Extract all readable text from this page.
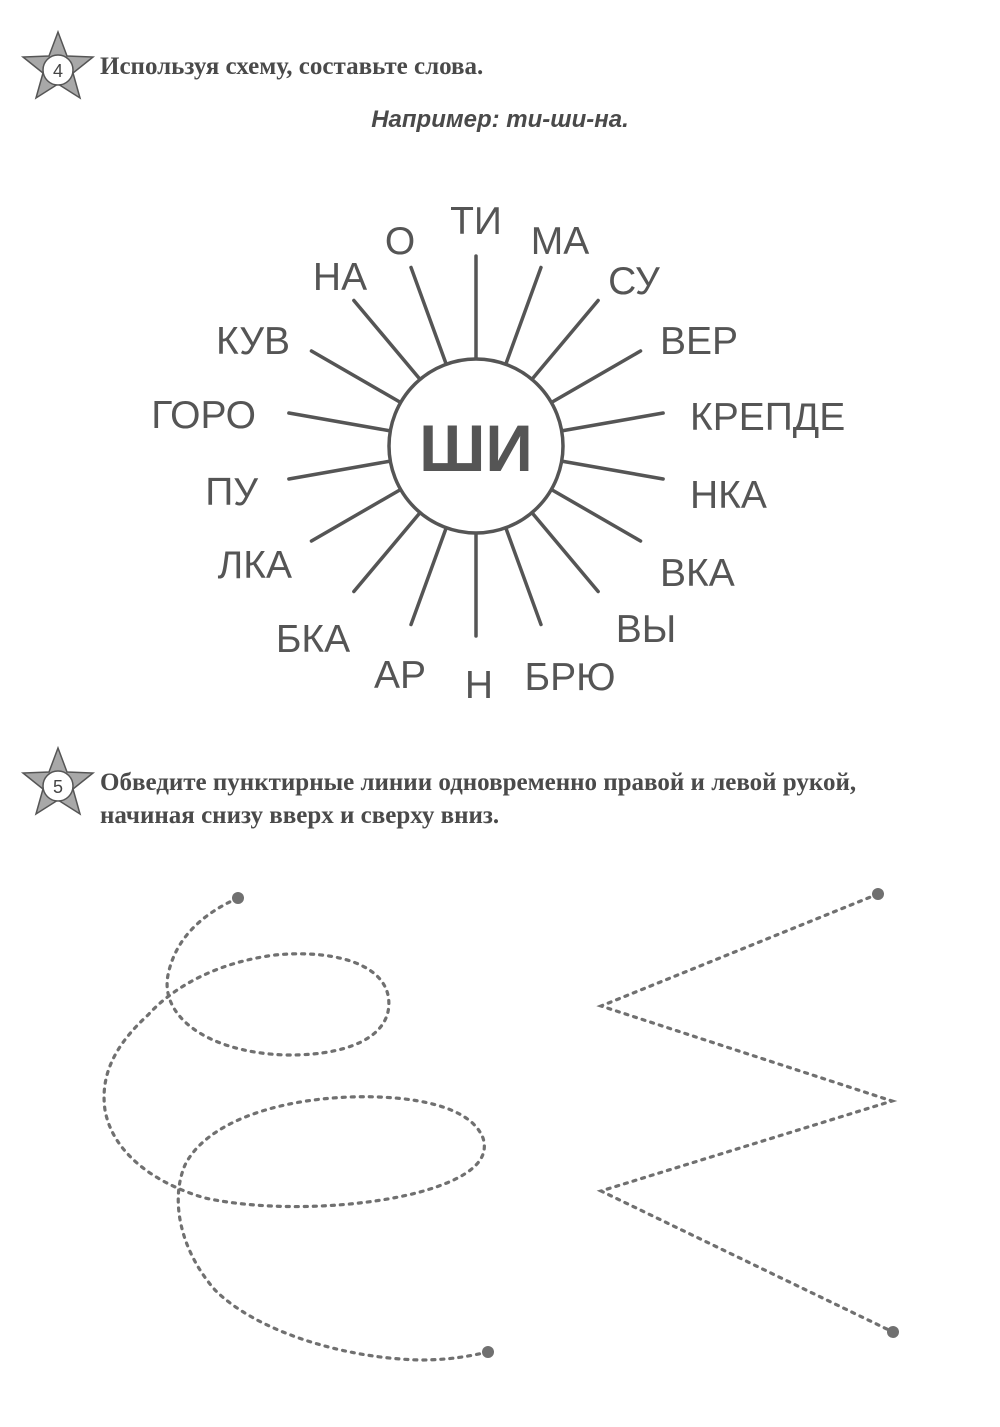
4 Используя схему, составьте слова.
Например: ти-ши-на.
ШИ
ТИ МА
СУ
ВЕР
КРЕПДЕ
НКА
ВКА
ВЫ
БРЮ
Н
АР
БКА
ЛКА
ПУ
ГОРО
КУВ
НА
О
5 Обведите пунктирные линии одновременно правой и левой рукой,
начиная снизу вверх и сверху вниз.
